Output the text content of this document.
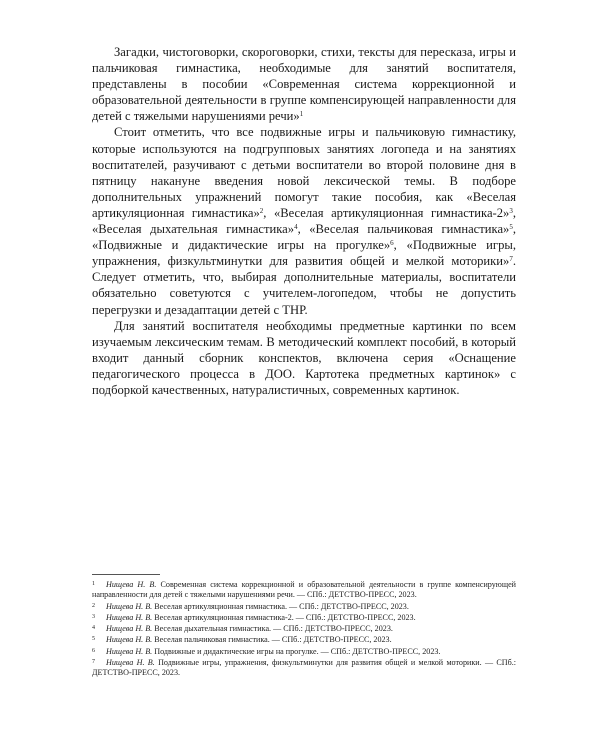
Загадки, чистоговорки, скороговорки, стихи, тексты для пересказа, игры и пальчиковая гимнастика, необходимые для занятий воспитателя, представлены в пособии «Современная система коррекционной и образовательной деятельности в группе компенсирующей направленности для детей с тяжелыми нарушениями речи»$^1$

Стоит отметить, что все подвижные игры и пальчиковую гимнастику, которые используются на подгрупповых занятиях логопеда и на занятиях воспитателей, разучивают с детьми воспитатели во второй половине дня в пятницу накануне введения новой лексической темы. В подборе дополнительных упражнений помогут такие пособия, как «Веселая артикуляционная гимнастика»$^2$, «Веселая артикуляционная гимнастика-2»$^3$, «Веселая дыхательная гимнастика»$^4$, «Веселая пальчиковая гимнастика»$^5$, «Подвижные и дидактические игры на прогулке»$^6$, «Подвижные игры, упражнения, физкультминутки для развития общей и мелкой моторики»$^7$. Следует отметить, что, выбирая дополнительные материалы, воспитатели обязательно советуются с учителем-логопедом, чтобы не допустить перегрузки и дезадаптации детей с ТНР.

Для занятий воспитателя необходимы предметные картинки по всем изучаемым лексическим темам. В методический комплект пособий, в который входит данный сборник конспектов, включена серия «Оснащение педагогического процесса в ДОО. Картотека предметных картинок» с подборкой качественных, натуралистичных, современных картинок.

1 Нищева Н. В. Современная система коррекционной и образовательной деятельности в группе компенсирующей направленности для детей с тяжелыми нарушениями речи. — СПб.: ДЕТСТВО-ПРЕСС, 2023.

2 Нищева Н. В. Веселая артикуляционная гимнастика. — СПб.: ДЕТСТВО-ПРЕСС, 2023.

3 Нищева Н. В. Веселая артикуляционная гимнастика-2. — СПб.: ДЕТСТВО-ПРЕСС, 2023.

4 Нищева Н. В. Веселая дыхательная гимнастика. — СПб.: ДЕТСТВО-ПРЕСС, 2023.

5 Нищева Н. В. Веселая пальчиковая гимнастика. — СПб.: ДЕТСТВО-ПРЕСС, 2023.

6 Нищева Н. В. Подвижные и дидактические игры на прогулке. — СПб.: ДЕТСТВО-ПРЕСС, 2023.

7 Нищева Н. В. Подвижные игры, упражнения, физкультминутки для развития общей и мелкой моторики. — СПб.: ДЕТСТВО-ПРЕСС, 2023.
